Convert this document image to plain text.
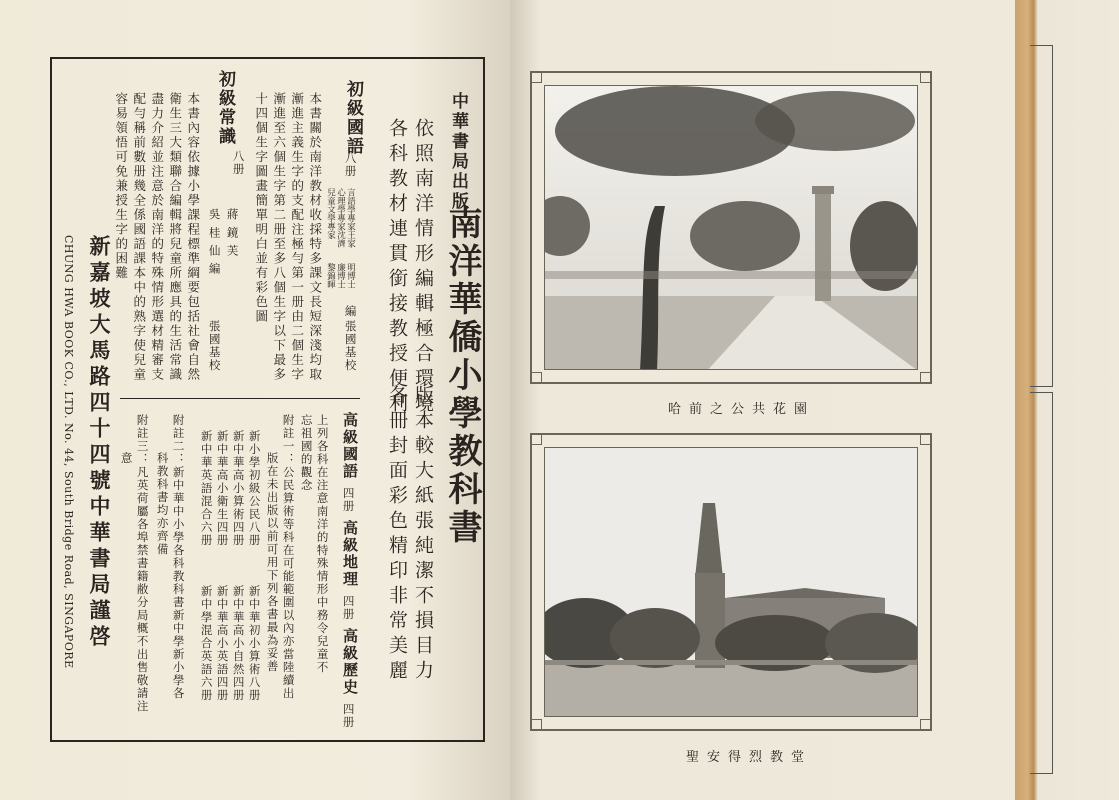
中華書局出版
南洋華僑小學教科書
依照南洋情形編輯極合環境
各科教材連貫銜接教授便利
版本較大紙張純潔不損目力
各冊封面彩色精印非常美麗
初級國語
八册
言語學專家王家
心理學專家沈濟
兒童文學專家
明博士
廉博士
黎錦暉
編
張國基校
本書關於南洋教材收採特多課文長短深淺均取
漸進主義生字的支配注極勻第一册由二個生字
漸進至六個生字第二册至多八個生字以下最多
十四個生字圖畫簡單明白並有彩色圖
初級常識
八册
蔣 鏡 芙
吳 桂 仙 編
張國基校
本書內容依據小學課程標準綱要包括社會自然
衛生三大類聯合編輯將兒童所應具的生活常識
盡力介紹並注意於南洋的特殊情形選材精審支
配勻稱前數册幾全係國語課本中的熟字使兒童
容易領悟可免兼授生字的困難
高級國語
四册
高級地理
四册
高級歷史
四册
上列各科在注意南洋的特殊情形中務令兒童不
忘祖國的觀念
附註一：公民算術等科在可能範圍以內亦當陸續出
版在未出版以前可用下列各書最為妥善
新小學初級公民八册
新中華初小算術八册
新中華高小算術四册
新中華高小自然四册
新中華高小衛生四册
新中華高小英語四册
新中華英語混合六册
新中學混合英語六册
附註二：新中華中小學各科教科書新中學新小學各
科教科書均亦齊備
附註三：凡英荷屬各埠禁書籍敝分局概不出售敬請注
意
新嘉坡大馬路四十四號中華書局謹啓
CHUNG HWA BOOK CO., LTD. No. 44, South Bridge Road, SINGAPORE	哈前之公共花園
聖安得烈教堂
